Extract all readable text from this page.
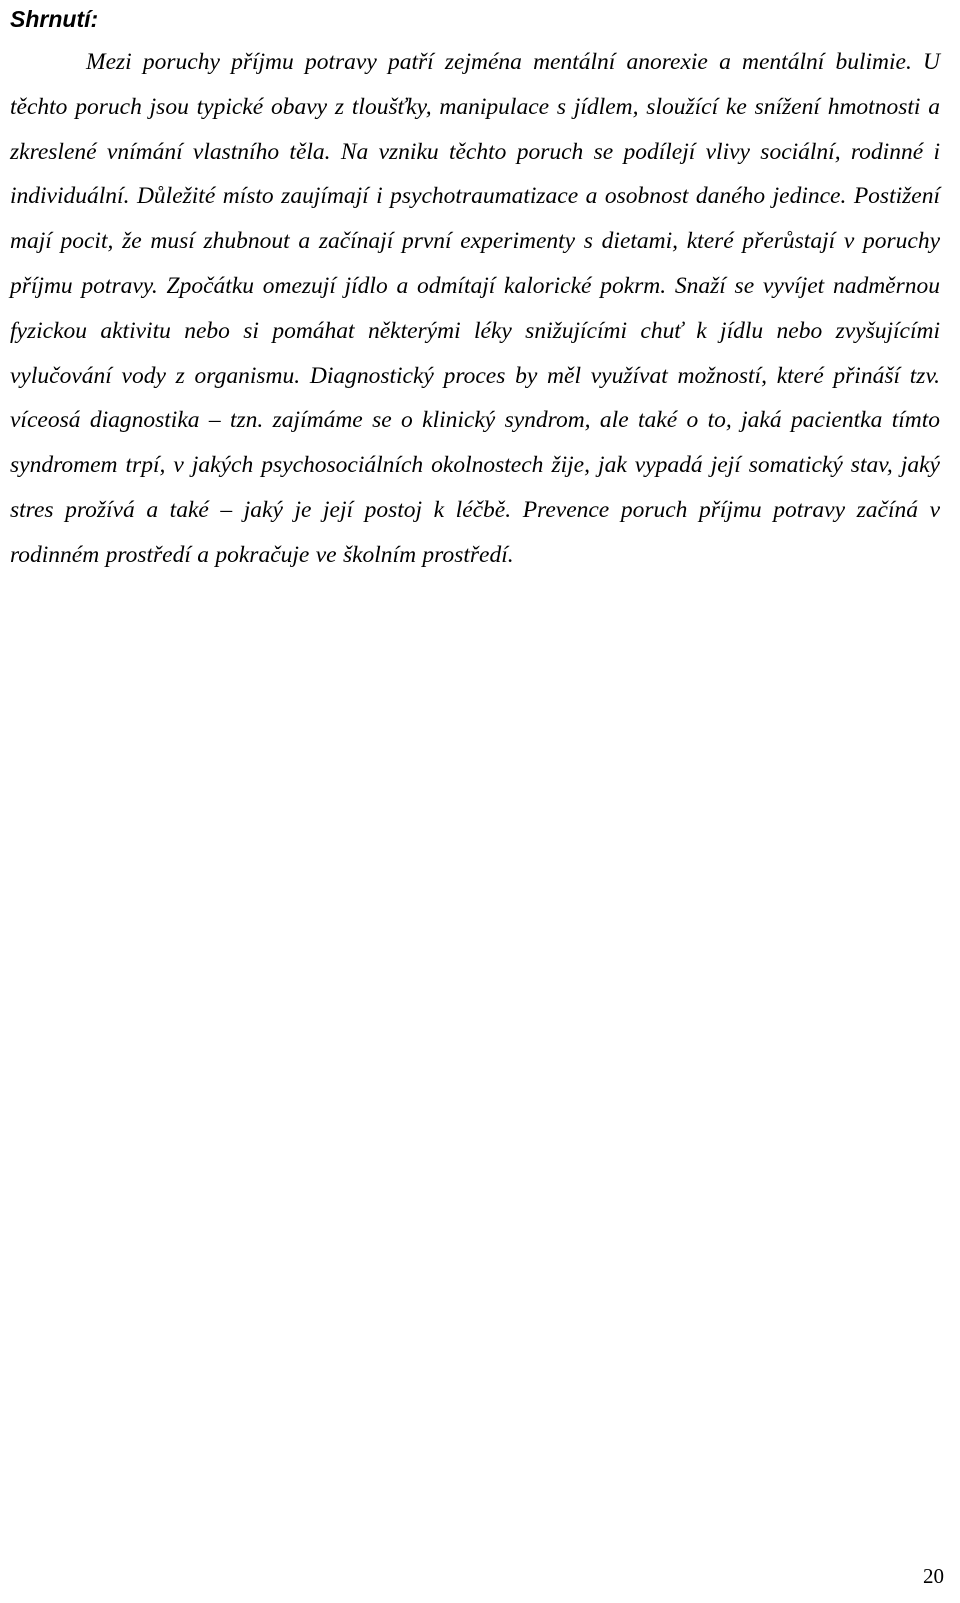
Shrnutí:

Mezi poruchy příjmu potravy patří zejména mentální anorexie a mentální bulimie. U těchto poruch jsou typické obavy z tloušťky, manipulace s jídlem, sloužící ke snížení hmotnosti a zkreslené vnímání vlastního těla. Na vzniku těchto poruch se podílejí vlivy sociální, rodinné i individuální. Důležité místo zaujímají i psychotraumatizace a osobnost daného jedince. Postižení mají pocit, že musí zhubnout a začínají první experimenty s dietami, které přerůstají v poruchy příjmu potravy. Zpočátku omezují jídlo a odmítají kalorické pokrm. Snaží se vyvíjet nadměrnou fyzickou aktivitu nebo si pomáhat některými léky snižujícími chuť k jídlu nebo zvyšujícími vylučování vody z organismu. Diagnostický proces by měl využívat možností, které přináší tzv. víceosá diagnostika – tzn. zajímáme se o klinický syndrom, ale také o to, jaká pacientka tímto syndromem trpí, v jakých psychosociálních okolnostech žije, jak vypadá její somatický stav, jaký stres prožívá a také – jaký je její postoj k léčbě. Prevence poruch příjmu potravy začíná v rodinném prostředí a pokračuje ve školním prostředí.

20
